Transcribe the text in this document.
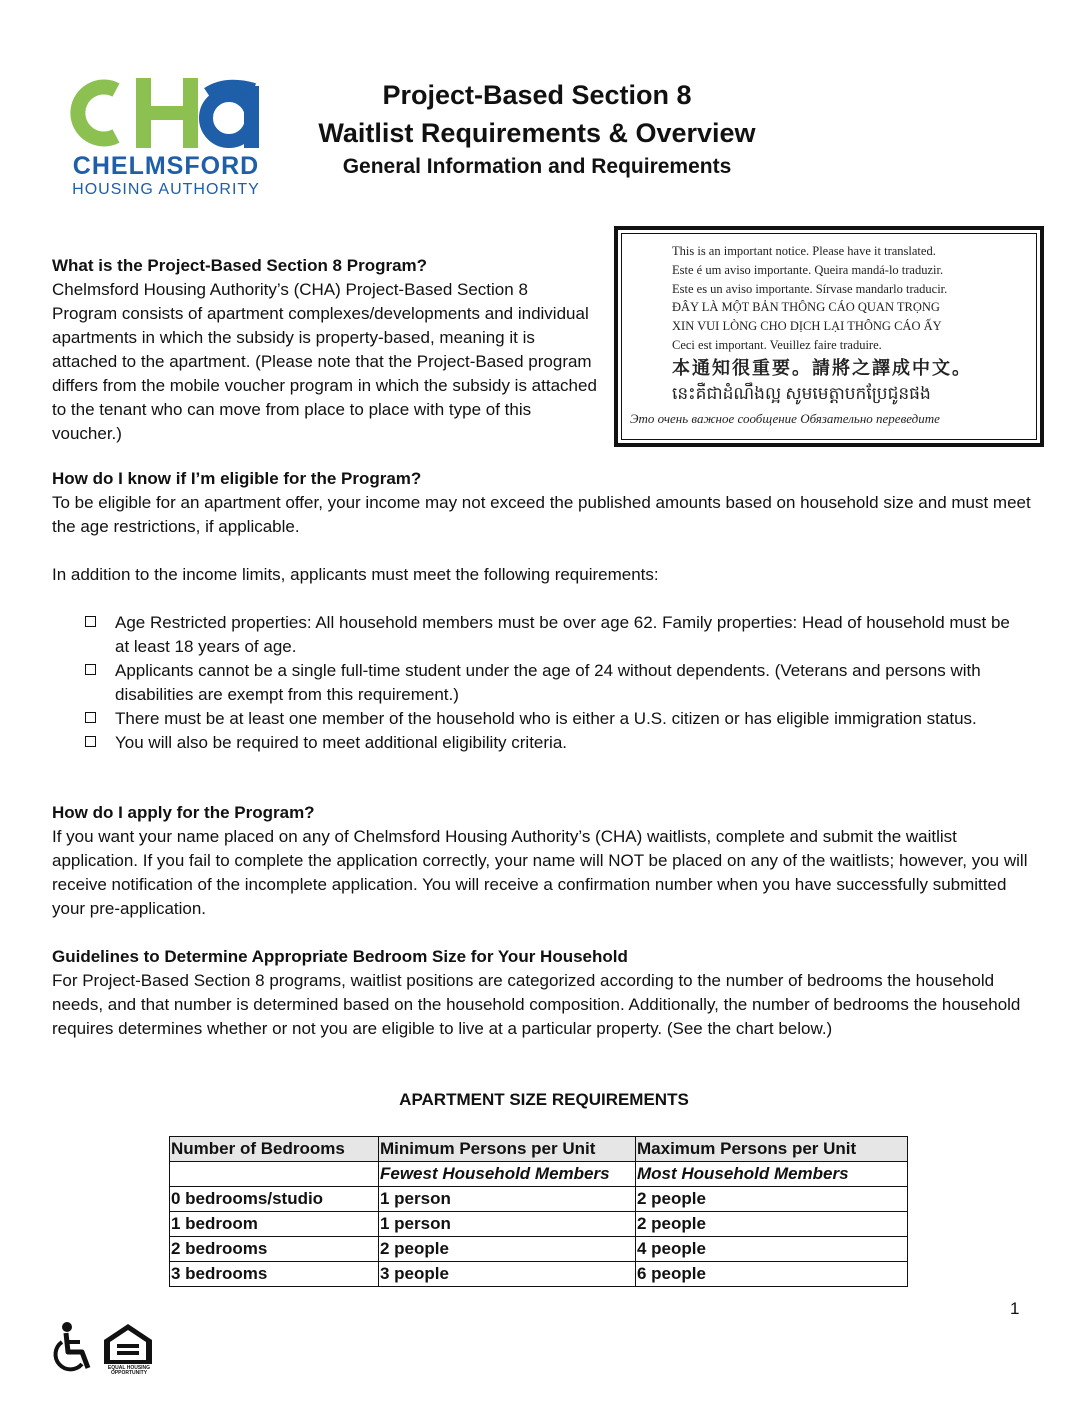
CHELMSFORD
HOUSING AUTHORITY
Project-Based Section 8
Waitlist Requirements & Overview
General Information and Requirements
This is an important notice. Please have it translated.
Este é um aviso importante. Queira mandá-lo traduzir.
Este es un aviso importante. Sírvase mandarlo traducir.
ĐÂY LÀ MỘT BẢN THÔNG CÁO QUAN TRỌNG
XIN VUI LÒNG CHO DỊCH LẠI THÔNG CÁO ẤY
Ceci est important. Veuillez faire traduire.
本通知很重要。請將之譯成中文。
នេះគឺជាដំណឹងល្អ សូមមេត្តាបកប្រែជូនផង
Это очень важное сообщение Обязательно переведите
What is the Project-Based Section 8 Program?
Chelmsford Housing Authority’s (CHA) Project-Based Section 8 Program consists of apartment complexes/developments and individual apartments in which the subsidy is property-based, meaning it is attached to the apartment. (Please note that the Project-Based program differs from the mobile voucher program in which the subsidy is attached to the tenant who can move from place to place with type of this voucher.)
How do I know if I’m eligible for the Program?
To be eligible for an apartment offer, your income may not exceed the published amounts based on household size and must meet the age restrictions, if applicable.
In addition to the income limits, applicants must meet the following requirements:
Age Restricted properties: All household members must be over age 62. Family properties: Head of household must be at least 18 years of age.
Applicants cannot be a single full-time student under the age of 24 without dependents. (Veterans and persons with disabilities are exempt from this requirement.)
There must be at least one member of the household who is either a U.S. citizen or has eligible immigration status.
You will also be required to meet additional eligibility criteria.
How do I apply for the Program?
If you want your name placed on any of Chelmsford Housing Authority’s (CHA) waitlists, complete and submit the waitlist application. If you fail to complete the application correctly, your name will NOT be placed on any of the waitlists; however, you will receive notification of the incomplete application. You will receive a confirmation number when you have successfully submitted your pre-application.
Guidelines to Determine Appropriate Bedroom Size for Your Household
For Project-Based Section 8 programs, waitlist positions are categorized according to the number of bedrooms the household needs, and that number is determined based on the household composition. Additionally, the number of bedrooms the household requires determines whether or not you are eligible to live at a particular property. (See the chart below.)
APARTMENT SIZE REQUIREMENTS
Number of Bedrooms	Minimum Persons per Unit	Maximum Persons per Unit
	Fewest Household Members	Most Household Members
0 bedrooms/studio	1 person	2 people
1 bedroom	1 person	2 people
2 bedrooms	2 people	4 people
3 bedrooms	3 people	6 people
1
EQUAL HOUSING OPPORTUNITY
